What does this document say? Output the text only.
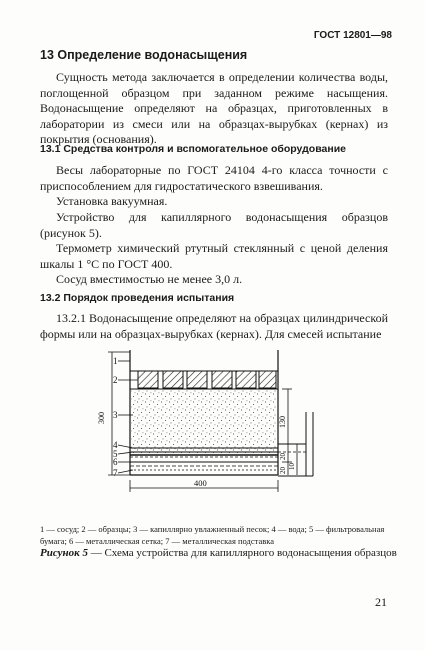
ГОСТ 12801—98
13 Определение водонасыщения

Сущность метода заключается в определении количества воды, поглощенной образцом при заданном режиме насыщения. Водонасыщение определяют на образцах, приготовленных в лаборатории из смеси или на образцах-вырубках (кернах) из покрытия (основания).

13.1 Средства контроля и вспомогательное оборудование

Весы лабораторные по ГОСТ 24104 4-го класса точности с приспособлением для гидростатического взвешивания.

Установка вакуумная.

Устройство для капиллярного водонасыщения образцов (рисунок 5).

Термометр химический ртутный стеклянный с ценой деления шкалы 1 °С по ГОСТ 400.

Сосуд вместимостью не менее 3,0 л.

13.2 Порядок проведения испытания

13.2.1 Водонасыщение определяют на образцах цилиндрической формы или на образцах-вырубках (кернах). Для смесей испытание

1
2
3
4
5
6
7
300	130
20
20
10
400

1 — сосуд; 2 — образцы; 3 — капиллярно увлажненный песок; 4 — вода; 5 — фильтровальная бумага; 6 — металлическая сетка; 7 — металлическая подставка

Рисунок 5 — Схема устройства для капиллярного водонасыщения образцов

21
